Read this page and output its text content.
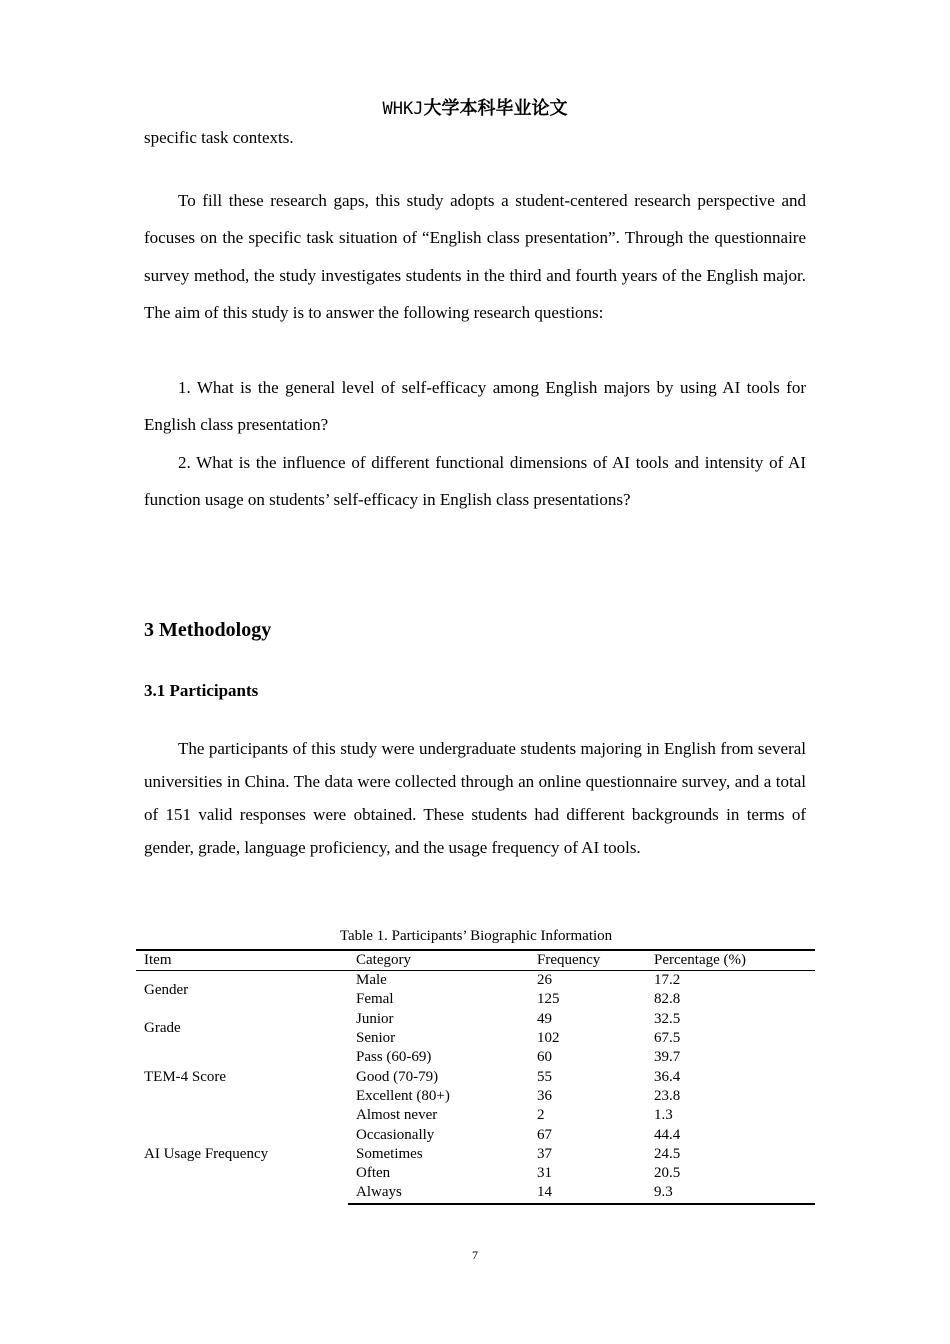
WHKJ大学本科毕业论文
specific task contexts.
To fill these research gaps, this study adopts a student-centered research perspective and focuses on the specific task situation of “English class presentation”. Through the questionnaire survey method, the study investigates students in the third and fourth years of the English major. The aim of this study is to answer the following research questions:
1. What is the general level of self-efficacy among English majors by using AI tools for English class presentation?
2. What is the influence of different functional dimensions of AI tools and intensity of AI function usage on students’ self-efficacy in English class presentations?
3 Methodology
3.1 Participants
The participants of this study were undergraduate students majoring in English from several universities in China. The data were collected through an online questionnaire survey, and a total of 151 valid responses were obtained. These students had different backgrounds in terms of gender, grade, language proficiency, and the usage frequency of AI tools.
Table 1. Participants’ Biographic Information
Item	Category	Frequency	Percentage (%)
Gender	Male	26	17.2
	Femal	125	82.8
Grade	Junior	49	32.5
	Senior	102	67.5
TEM-4 Score	Pass (60-69)	60	39.7
	Good (70-79)	55	36.4
	Excellent (80+)	36	23.8
AI Usage Frequency	Almost never	2	1.3
	Occasionally	67	44.4
	Sometimes	37	24.5
	Often	31	20.5
	Always	14	9.3
7
